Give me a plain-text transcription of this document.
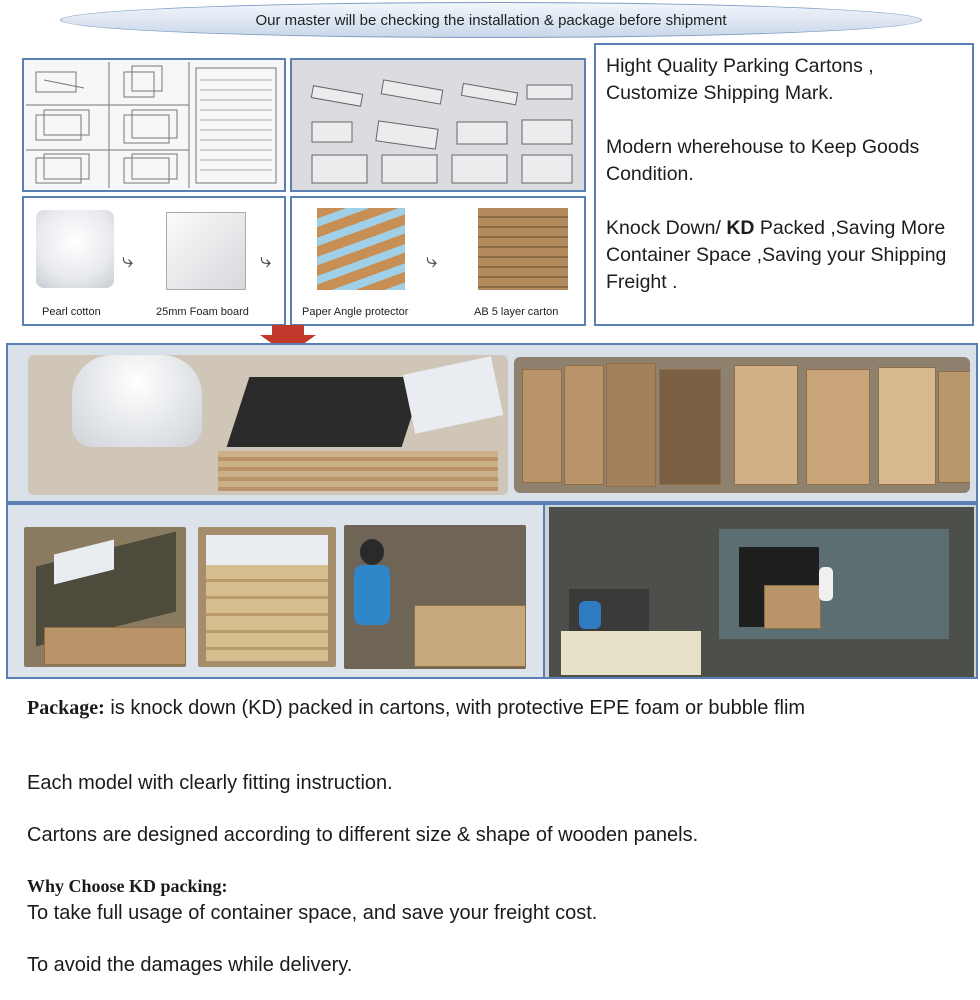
Our master will be checking the installation & package before shipment
⤷	⤷
Pearl cotton	25mm Foam board
⤷
Paper Angle protector	AB 5 layer carton

Hight Quality Parking Cartons , Customize Shipping Mark.

Modern wherehouse to Keep Goods Condition.

Knock Down/ KD Packed ,Saving More Container Space ,Saving your Shipping Freight .

Package: is knock down (KD) packed in cartons, with protective EPE foam or bubble flim
Each model with clearly fitting instruction.
Cartons are designed according to different size & shape of wooden panels.
Why Choose KD packing:
To take full usage of container space, and save your freight cost.
To avoid the damages while delivery.
